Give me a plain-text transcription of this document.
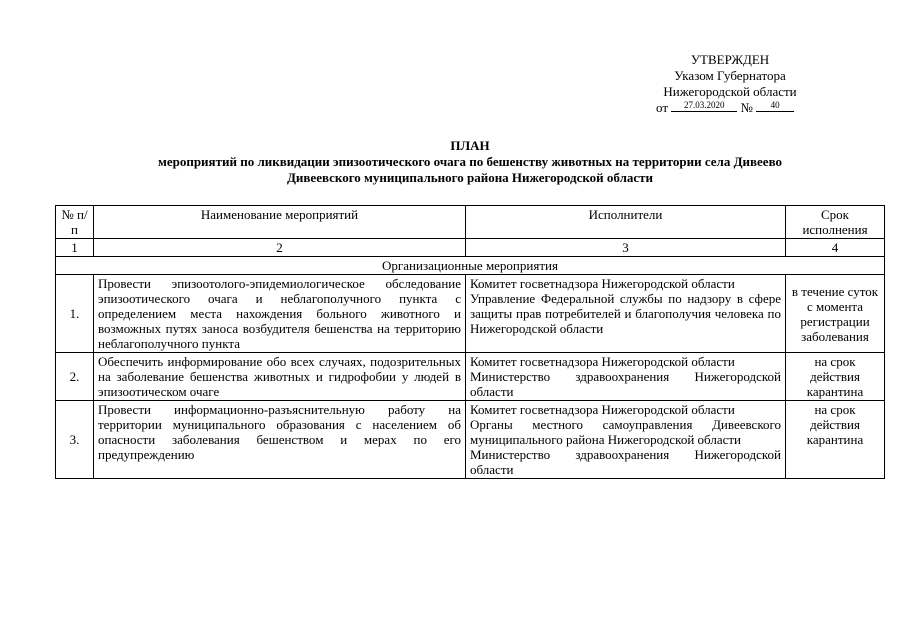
УТВЕРЖДЕН
Указом Губернатора
Нижегородской области
от 27.03.2020 № 40
ПЛАН
мероприятий по ликвидации эпизоотического очага по бешенству животных на территории села Дивеево
Дивеевского муниципального района Нижегородской области
№ п/п	Наименование мероприятий	Исполнители	Срок исполнения
1	2	3	4
Организационные мероприятия			
1.	Провести эпизоотолого-эпидемиологическое обследование эпизоотического очага и неблагополучного пункта с определением места нахождения больного животного и возможных путях заноса возбудителя бешенства на территорию неблагополучного пункта	Комитет госветнадзора Нижегородской области
Управление Федеральной службы по надзору в сфере защиты прав потребителей и благополучия человека по Нижегородской области	в течение суток с момента регистрации заболевания
2.	Обеспечить информирование обо всех случаях, подозрительных на заболевание бешенства животных и гидрофобии у людей в эпизоотическом очаге	Комитет госветнадзора Нижегородской области
Министерство здравоохранения Нижегородской области	на срок действия карантина
3.	Провести информационно-разъяснительную работу на территории муниципального образования с населением об опасности заболевания бешенством и мерах по его предупреждению	Комитет госветнадзора Нижегородской области
Органы местного самоуправления Дивеевского муниципального района Нижегородской области
Министерство здравоохранения Нижегородской области	на срок действия карантина
